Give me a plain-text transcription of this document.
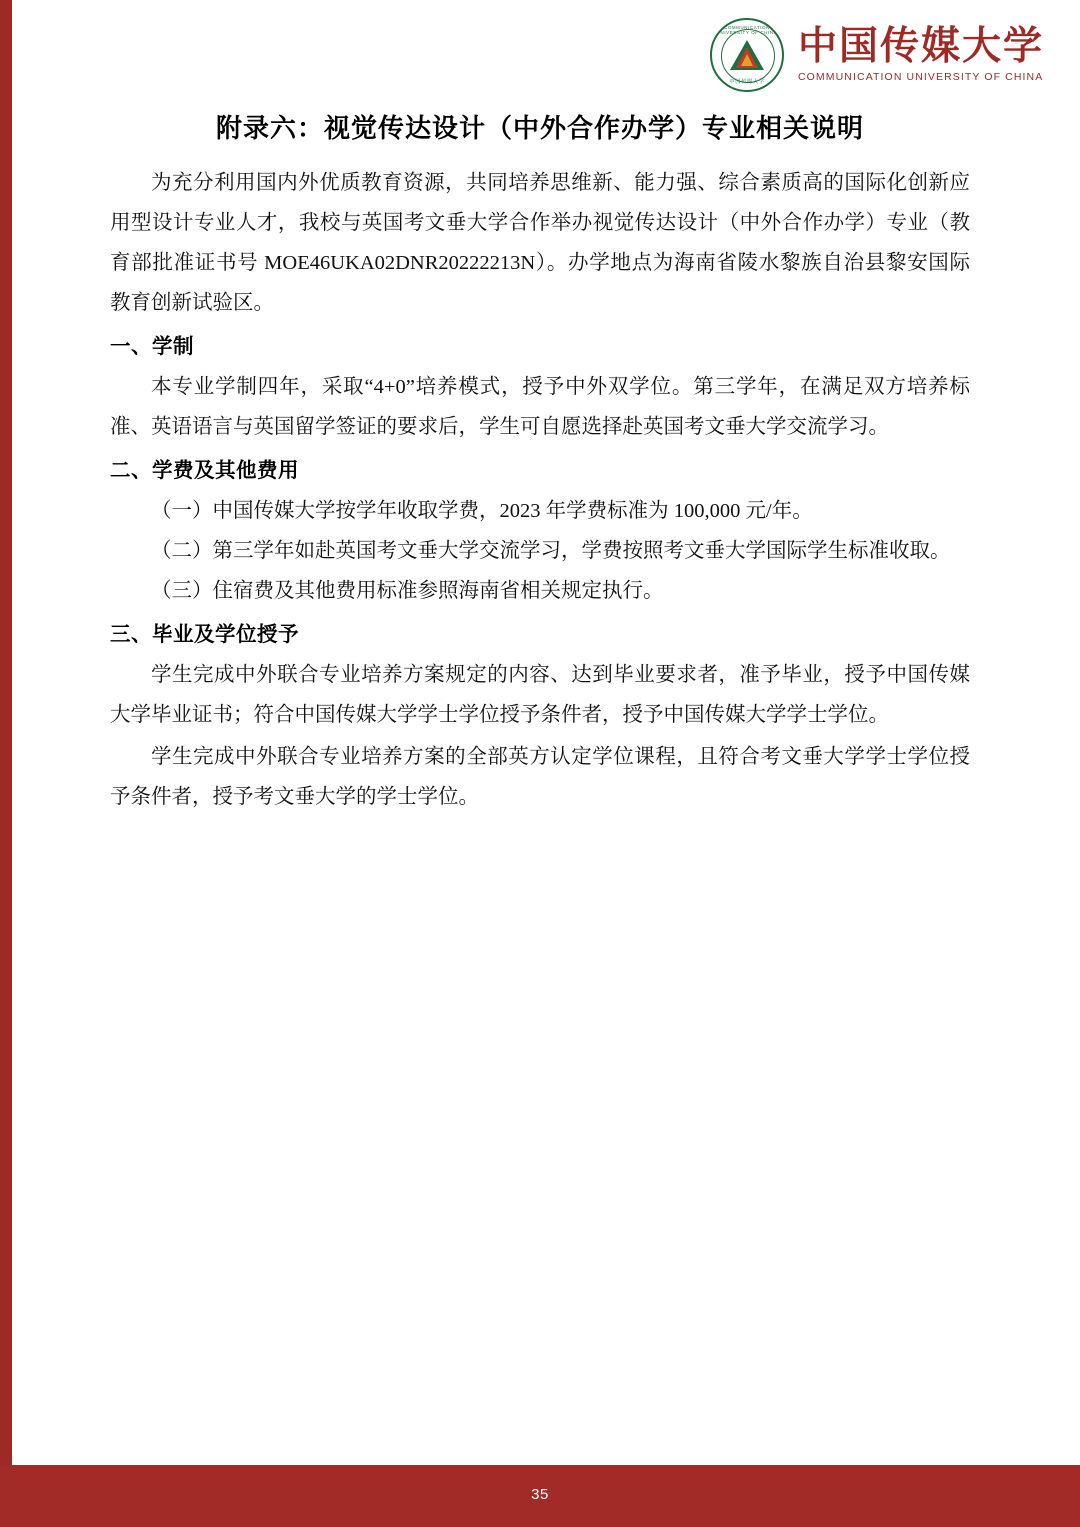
COMMUNICATION UNIVERSITY OF CHINA
中国传媒大学
中国传媒大学
COMMUNICATION UNIVERSITY OF CHINA
附录六：视觉传达设计（中外合作办学）专业相关说明

为充分利用国内外优质教育资源，共同培养思维新、能力强、综合素质高的国际化创新应用型设计专业人才，我校与英国考文垂大学合作举办视觉传达设计（中外合作办学）专业（教育部批准证书号 MOE46UKA02DNR20222213N）。办学地点为海南省陵水黎族自治县黎安国际教育创新试验区。

一、学制

本专业学制四年，采取“4+0”培养模式，授予中外双学位。第三学年，在满足双方培养标准、英语语言与英国留学签证的要求后，学生可自愿选择赴英国考文垂大学交流学习。

二、学费及其他费用

（一）中国传媒大学按学年收取学费，2023 年学费标准为 100,000 元/年。

（二）第三学年如赴英国考文垂大学交流学习，学费按照考文垂大学国际学生标准收取。

（三）住宿费及其他费用标准参照海南省相关规定执行。

三、毕业及学位授予

学生完成中外联合专业培养方案规定的内容、达到毕业要求者，准予毕业，授予中国传媒大学毕业证书；符合中国传媒大学学士学位授予条件者，授予中国传媒大学学士学位。

学生完成中外联合专业培养方案的全部英方认定学位课程，且符合考文垂大学学士学位授予条件者，授予考文垂大学的学士学位。

35
